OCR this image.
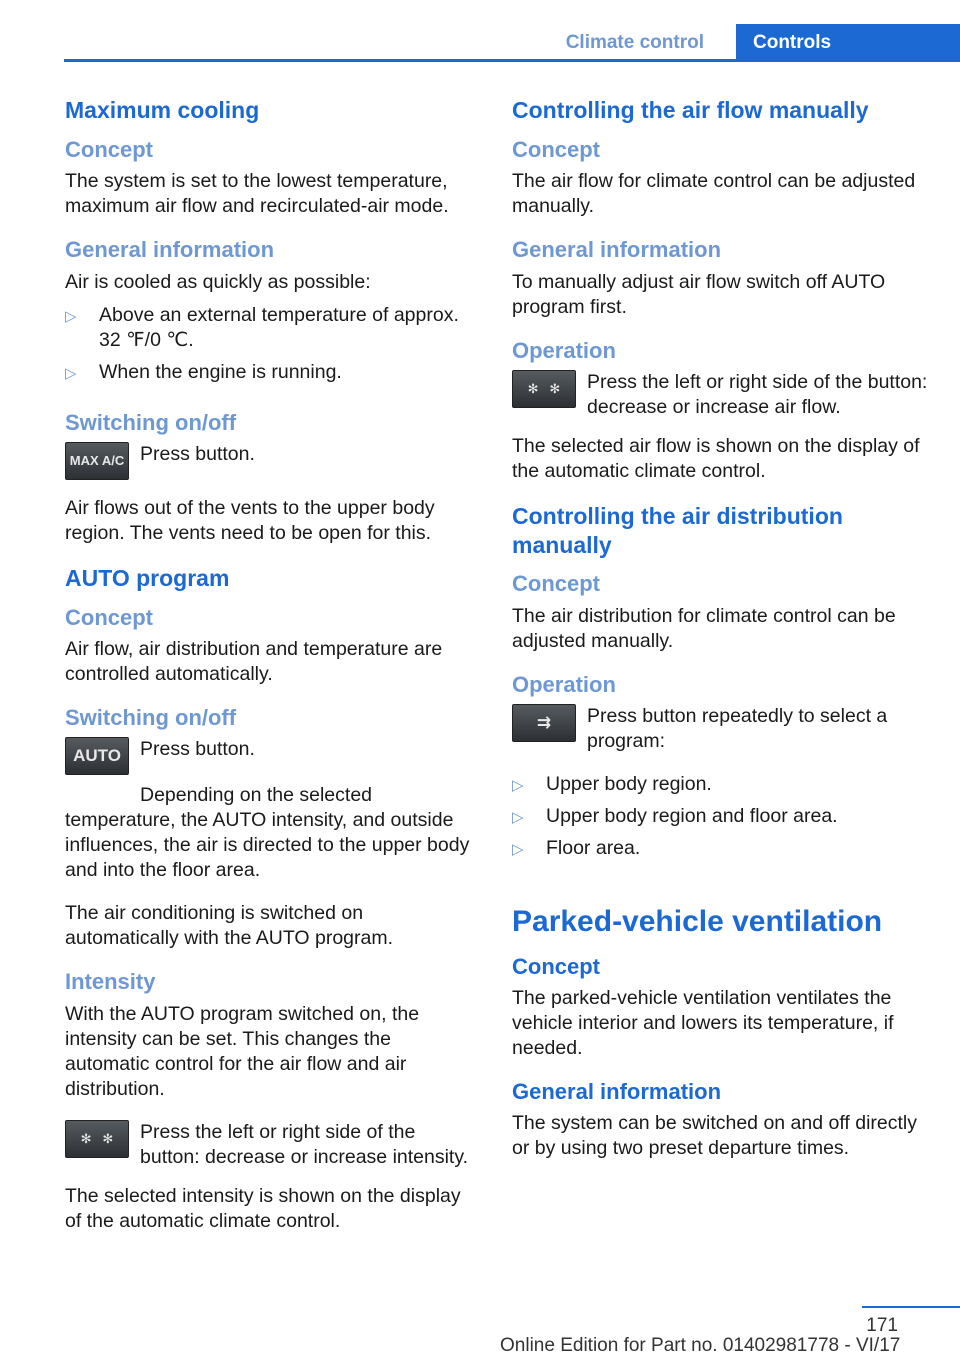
Climate control	Controls
Maximum cooling
Concept

The system is set to the lowest temperature, maximum air flow and recirculated-air mode.

General information

Air is cooled as quickly as possible:

▷ Above an external temperature of approx. 32 ℉/0 ℃.
▷ When the engine is running.
Switching on/off
MAX A/C Press button.

Air flows out of the vents to the upper body region. The vents need to be open for this.

AUTO program
Concept

Air flow, air distribution and temperature are controlled automatically.

Switching on/off
AUTO Press button.

Depending on the selected temperature, the AUTO intensity, and outside influences, the air is directed to the upper body and into the floor area.

The air conditioning is switched on automatically with the AUTO program.

Intensity

With the AUTO program switched on, the intensity can be set. This changes the automatic control for the air flow and air distribution.

✻ ✻	Press the left or right side of the button: decrease or increase intensity.

The selected intensity is shown on the display of the automatic climate control.

Controlling the air flow manually
Concept

The air flow for climate control can be adjusted manually.

General information

To manually adjust air flow switch off AUTO program first.

Operation
✻ ✻	Press the left or right side of the button: decrease or increase air flow.

The selected air flow is shown on the display of the automatic climate control.

Controlling the air distribution manually
Concept

The air distribution for climate control can be adjusted manually.

Operation
⇉	Press button repeatedly to select a program:
▷ Upper body region.
▷ Upper body region and floor area.
▷ Floor area.
Parked-vehicle ventilation
Concept

The parked-vehicle ventilation ventilates the vehicle interior and lowers its temperature, if needed.

General information

The system can be switched on and off directly or by using two preset departure times.

171
Online Edition for Part no. 01402981778 - VI/17
